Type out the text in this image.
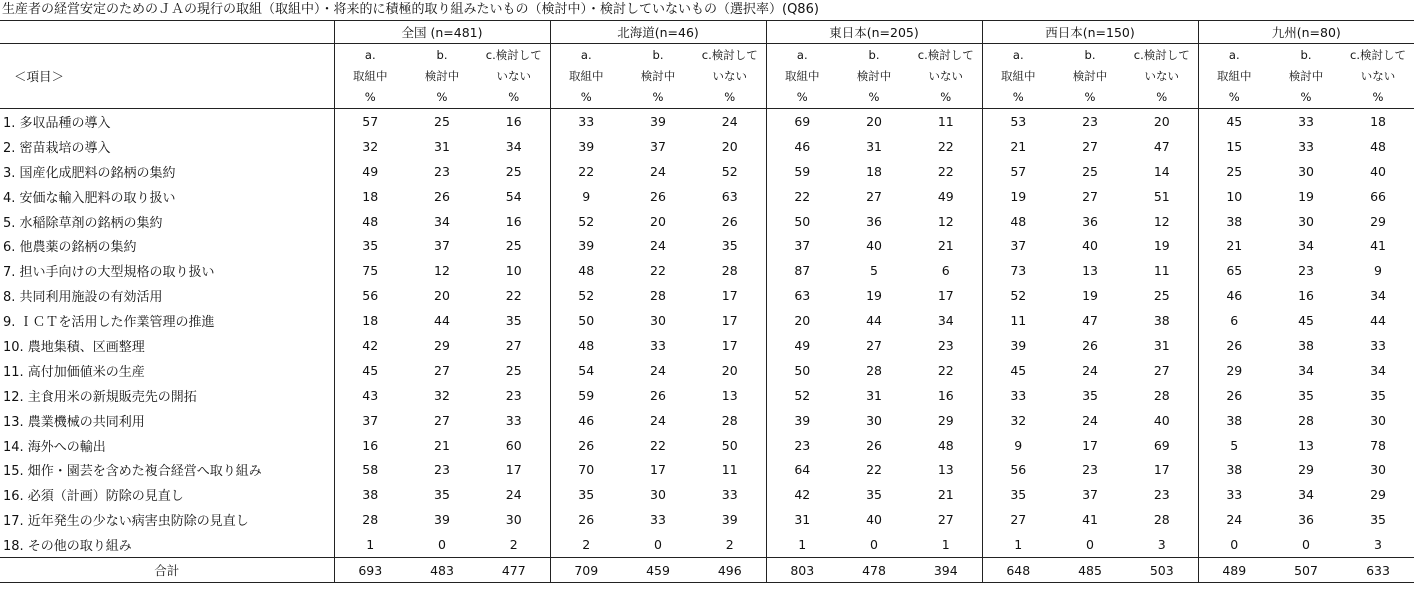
生産者の経営安定のためのＪＡの現行の取組（取組中）・将来的に積極的取り組みたいもの（検討中）・検討していないもの（選択率）(Q86)
	全国 (n=481)			北海道(n=46)			東日本(n=205)			西日本(n=150)			九州(n=80)		
	a.	b.	c.検討して	a.	b.	c.検討して	a.	b.	c.検討して	a.	b.	c.検討して	a.	b.	c.検討して
＜項目＞	取組中	検討中	いない	取組中	検討中	いない	取組中	検討中	いない	取組中	検討中	いない	取組中	検討中	いない
	%	%	%	%	%	%	%	%	%	%	%	%	%	%	%
1. 多収品種の導入	57	25	16	33	39	24	69	20	11	53	23	20	45	33	18
2. 密苗栽培の導入	32	31	34	39	37	20	46	31	22	21	27	47	15	33	48
3. 国産化成肥料の銘柄の集約	49	23	25	22	24	52	59	18	22	57	25	14	25	30	40
4. 安価な輸入肥料の取り扱い	18	26	54	9	26	63	22	27	49	19	27	51	10	19	66
5. 水稲除草剤の銘柄の集約	48	34	16	52	20	26	50	36	12	48	36	12	38	30	29
6. 他農薬の銘柄の集約	35	37	25	39	24	35	37	40	21	37	40	19	21	34	41
7. 担い手向けの大型規格の取り扱い	75	12	10	48	22	28	87	5	6	73	13	11	65	23	9
8. 共同利用施設の有効活用	56	20	22	52	28	17	63	19	17	52	19	25	46	16	34
9. ＩＣＴを活用した作業管理の推進	18	44	35	50	30	17	20	44	34	11	47	38	6	45	44
10. 農地集積、区画整理	42	29	27	48	33	17	49	27	23	39	26	31	26	38	33
11. 高付加価値米の生産	45	27	25	54	24	20	50	28	22	45	24	27	29	34	34
12. 主食用米の新規販売先の開拓	43	32	23	59	26	13	52	31	16	33	35	28	26	35	35
13. 農業機械の共同利用	37	27	33	46	24	28	39	30	29	32	24	40	38	28	30
14. 海外への輸出	16	21	60	26	22	50	23	26	48	9	17	69	5	13	78
15. 畑作・園芸を含めた複合経営へ取り組み	58	23	17	70	17	11	64	22	13	56	23	17	38	29	30
16. 必須（計画）防除の見直し	38	35	24	35	30	33	42	35	21	35	37	23	33	34	29
17. 近年発生の少ない病害虫防除の見直し	28	39	30	26	33	39	31	40	27	27	41	28	24	36	35
18. その他の取り組み	1	0	2	2	0	2	1	0	1	1	0	3	0	0	3
合計	693	483	477	709	459	496	803	478	394	648	485	503	489	507	633
